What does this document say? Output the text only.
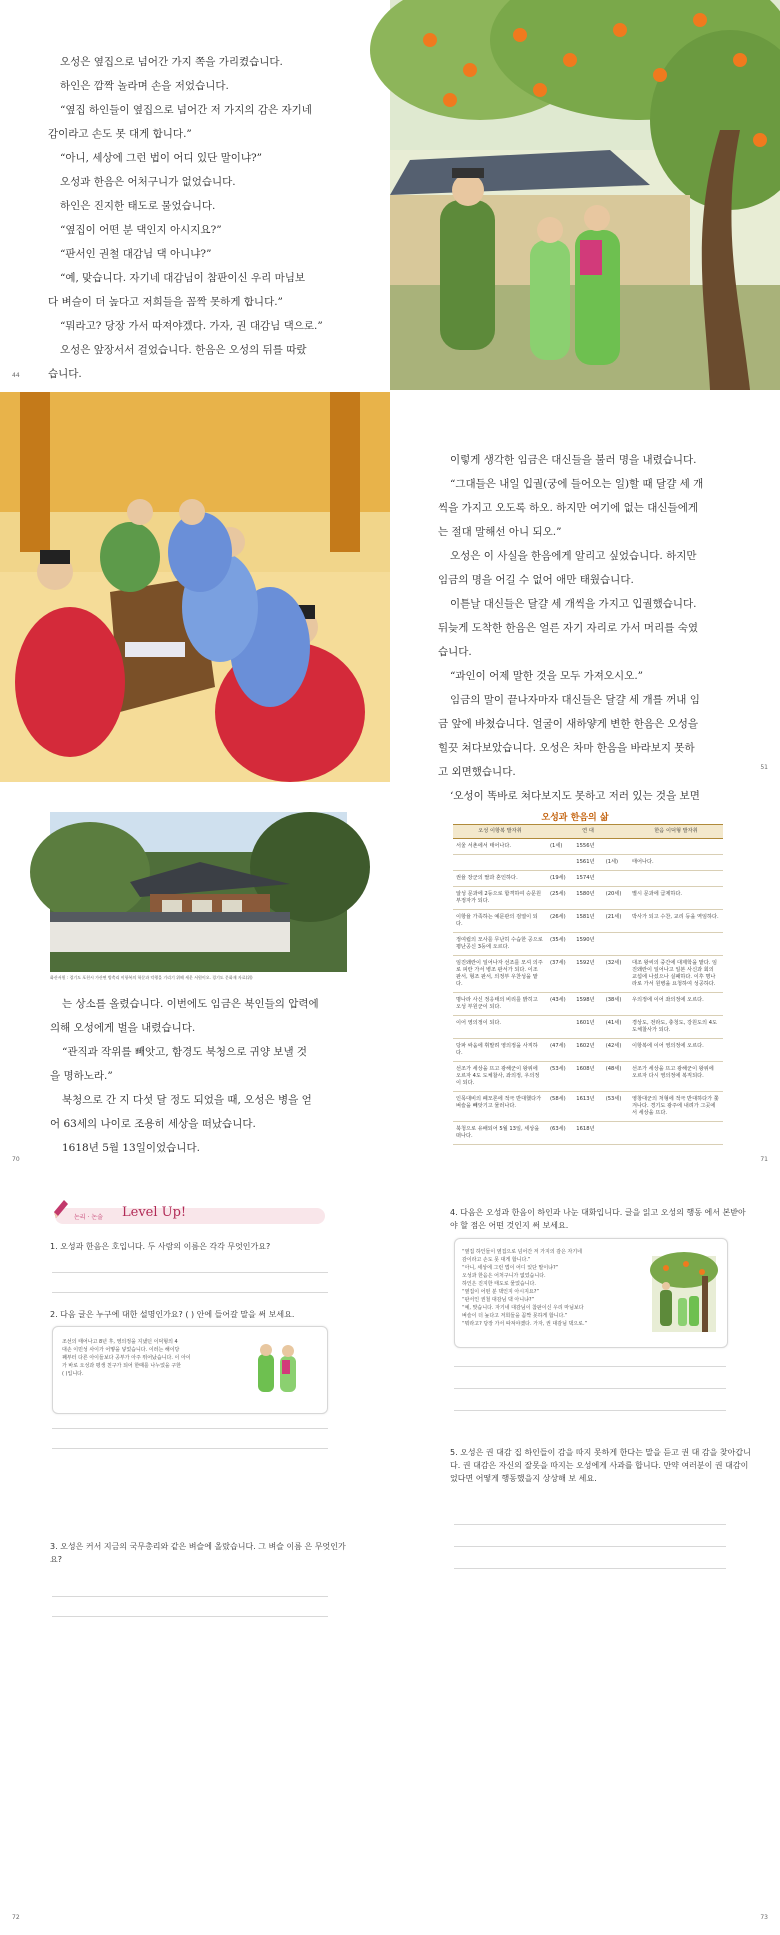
오성은 옆집으로 넘어간 가지 쪽을 가리켰습니다.

하인은 깜짝 놀라며 손을 저었습니다.

“옆집 하인들이 옆집으로 넘어간 저 가지의 감은 자기네
감이라고 손도 못 대게 합니다.”

“아니, 세상에 그런 법이 어디 있단 말이냐?”

오성과 한음은 어처구니가 없었습니다.

하인은 진지한 태도로 물었습니다.

“옆집이 어떤 분 댁인지 아시지요?”

“판서인 권철 대감님 댁 아니냐?”

“예, 맞습니다. 자기네 대감님이 참판이신 우리 마님보
다 벼슬이 더 높다고 저희들을 꼼짝 못하게 합니다.”

“뭐라고? 당장 가서 따져야겠다. 가자, 권 대감님 댁으로.”

오성은 앞장서서 걸었습니다. 한음은 오성의 뒤를 따랐
습니다.

44

이렇게 생각한 임금은 대신들을 불러 명을 내렸습니다.

“그대들은 내일 입궐(궁에 들어오는 일)할 때 달걀 세 개
씩을 가지고 오도록 하오. 하지만 여기에 없는 대신들에게
는 절대 말해선 아니 되오.”

오성은 이 사실을 한음에게 알리고 싶었습니다. 하지만
임금의 명을 어길 수 없어 애만 태웠습니다.

이튿날 대신들은 달걀 세 개씩을 가지고 입궐했습니다.
뒤늦게 도착한 한음은 얼른 자기 자리로 가서 머리를 숙였
습니다.

“과인이 어제 말한 것을 모두 가져오시오.”

임금의 말이 끝나자마자 대신들은 달걀 세 개를 꺼내 임
금 앞에 바쳤습니다. 얼굴이 새하얗게 변한 한음은 오성을
힐끗 쳐다보았습니다. 오성은 차마 한음을 바라보지 못하
고 외면했습니다.

‘오성이 똑바로 쳐다보지도 못하고 저러 있는 것을 보면

51
화산서원 : 경기도 포천시 가산면 방축리 이항복의 학문과 덕행을 기리기 위해 세운 서원이오. 경기도 문화재 자료(위)

는 상소를 올렸습니다. 이번에도 임금은 북인들의 압력에
의해 오성에게 벌을 내렸습니다.

“관직과 작위를 빼앗고, 함경도 북청으로 귀양 보낼 것
을 명하노라.”

북청으로 간 지 다섯 달 정도 되었을 때, 오성은 병을 얻
어 63세의 나이로 조용히 세상을 떠났습니다.

1618년 5월 13일이었습니다.

70
오성과 한음의 삶
오성 이항복 발자취	연 대			한음 이덕형 발자취
서울 서촌에서 태어나다.	(1세)	1556년		
		1561년	(1세)	태어나다.
권율 장군의 딸과 혼인하다.	(19세)	1574년		
알성 문과에 2등으로 합격하여 승문원 부정자가 되다.	(25세)	1580년	(20세)	별시 문과에 급제하다.
이항율 가족하는 예문관의 검열이 되다.	(26세)	1581년	(21세)	박사가 되고 수찬, 교리 등을 역임하다.
정여립의 모사를 무난히 수습한 공으로 평난공신 3등에 오르다.	(35세)	1590년		
임진왜란이 일어나자 선조를 모셔 의주로 피란 가서 병조 판서가 되다. 이조 판서, 형조 판서, 의정부 우찬성을 맡다.	(37세)	1592년	(32세)	대조 왕씨의 중간에 대제학을 맡다. 임진왜란이 일어나고 일본 사신과 회의 교섭에 나섰으나 실패하다. 이후 명나라로 가서 원병을 요청하여 성공하다.
명나라 사신 정응태의 비리를 밝히고 오성 부원군이 되다.	(43세)	1598년	(38세)	우의정에 이어 좌의정에 오르다.
이어 영의정이 되다.		1601년	(41세)	경상도, 전라도, 충청도, 강원도의 4도 도체찰사가 되다.
당파 싸움에 휘말려 영의정을 사직하다.	(47세)	1602년	(42세)	이항복에 이어 영의정에 오르다.
선조가 세상을 뜨고 광해군이 왕위에 오르자 4도 도체찰사, 좌의정, 우의정이 되다.	(53세)	1608년	(48세)	선조가 세상을 뜨고 광해군이 왕위에 오르자 다시 영의정에 복직되다.
인목대비의 폐모론에 적극 반대했다가 벼슬을 빼앗기고 물러나다.	(58세)	1613년	(53세)	영창대군의 처형에 적극 반대하다가 쫓겨나다. 경기도 광주에 내려가 그곳에서 세상을 뜨다.
북청으로 유배되어 5월 13일, 세상을 떠나다.	(63세)	1618년		
71
논리 · 논술 Level Up!
1. 오성과 한음은 호입니다. 두 사람의 이름은 각각 무엇인가요?
2. 다음 글은 누구에 대한 설명인가요? ( ) 안에 들어갈 말을 써 보세요.
조선의 태어나고 8년 후, 영의정을 지냈던 이덕형의 4
대손 이민성 사이가 어떻을 넣었습니다. 이러는 해이당
째부터 다른 아이들보다 공부가 아주 뛰어났습니다. 이 아이
가 바로 오성과 평생 친구가 되어 한때를 나누었을 구한
( )입니다.
3. 오성은 커서 지금의 국무총리와 같은 벼슬에 올랐습니다. 그 벼슬 이름 은 무엇인가요?
72
4. 다음은 오성과 한음이 하인과 나눈 대화입니다. 글을 읽고 오성의 행동 에서 본받아야 할 점은 어떤 것인지 써 보세요.
“옆집 하인들이 옆집으로 넘어간 저 가지의 감은 자기네
감이라고 손도 못 대게 합니다.”
“아니, 세상에 그런 법이 어디 있단 말이냐?”
오성과 한음은 어처구니가 없었습니다.
하인은 진지한 태도로 물었습니다.
“옆집이 어떤 분 댁인지 아시지요?”
“판서인 권철 대감님 댁 아니냐?”
“예, 맞습니다. 자기네 대감님이 참판이신 우리 마님보다
벼슬이 더 높다고 저희들을 꼼짝 못하게 합니다.”
“뭐라고? 당장 가서 따져야겠다. 가자, 권 대감님 댁으로.”
5. 오성은 권 대감 집 하인들이 감을 따지 못하게 한다는 말을 듣고 권 대 감을 찾아갑니다. 권 대감은 자신의 잘못을 따지는 오성에게 사과를 합니다. 만약 여러분이 권 대감이었다면 어떻게 행동했을지 상상해 보 세요.
73
